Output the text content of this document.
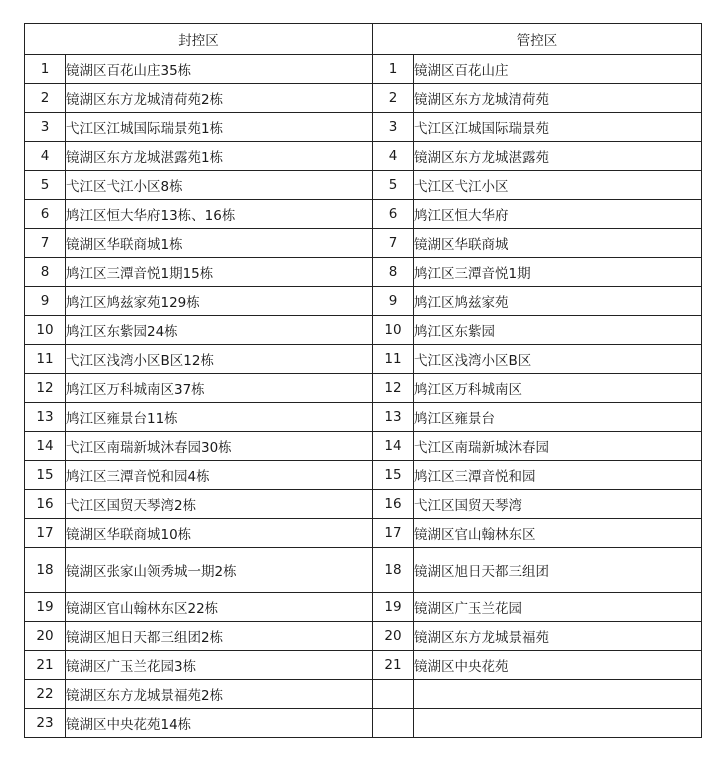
封控区		管控区	
1	镜湖区百花山庄35栋	1	镜湖区百花山庄
2	镜湖区东方龙城清荷苑2栋	2	镜湖区东方龙城清荷苑
3	弋江区江城国际瑞景苑1栋	3	弋江区江城国际瑞景苑
4	镜湖区东方龙城湛露苑1栋	4	镜湖区东方龙城湛露苑
5	弋江区弋江小区8栋	5	弋江区弋江小区
6	鸠江区恒大华府13栋、16栋	6	鸠江区恒大华府
7	镜湖区华联商城1栋	7	镜湖区华联商城
8	鸠江区三潭音悦1期15栋	8	鸠江区三潭音悦1期
9	鸠江区鸠兹家苑129栋	9	鸠江区鸠兹家苑
10	鸠江区东紫园24栋	10	鸠江区东紫园
11	弋江区浅湾小区B区12栋	11	弋江区浅湾小区B区
12	鸠江区万科城南区37栋	12	鸠江区万科城南区
13	鸠江区雍景台11栋	13	鸠江区雍景台
14	弋江区南瑞新城沐春园30栋	14	弋江区南瑞新城沐春园
15	鸠江区三潭音悦和园4栋	15	鸠江区三潭音悦和园
16	弋江区国贸天琴湾2栋	16	弋江区国贸天琴湾
17	镜湖区华联商城10栋	17	镜湖区官山翰林东区
18	镜湖区张家山领秀城一期2栋	18	镜湖区旭日天都三组团
19	镜湖区官山翰林东区22栋	19	镜湖区广玉兰花园
20	镜湖区旭日天都三组团2栋	20	镜湖区东方龙城景福苑
21	镜湖区广玉兰花园3栋	21	镜湖区中央花苑
22	镜湖区东方龙城景福苑2栋		
23	镜湖区中央花苑14栋		
